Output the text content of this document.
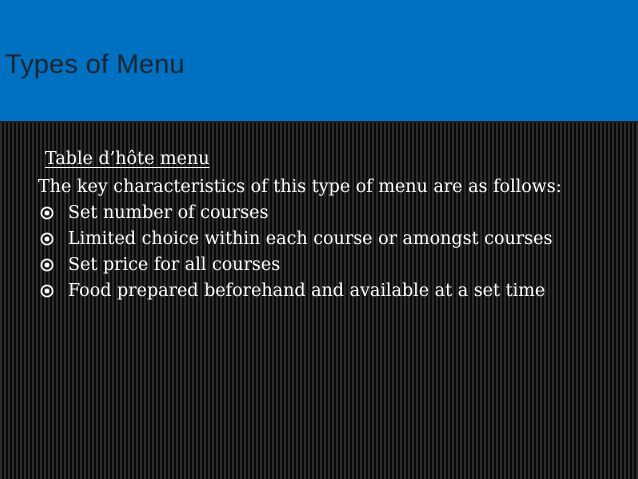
Types of Menu

Table d’hôte menu

The key characteristics of this type of menu are as follows:

Set number of courses
Limited choice within each course or amongst courses
Set price for all courses
Food prepared beforehand and available at a set time
